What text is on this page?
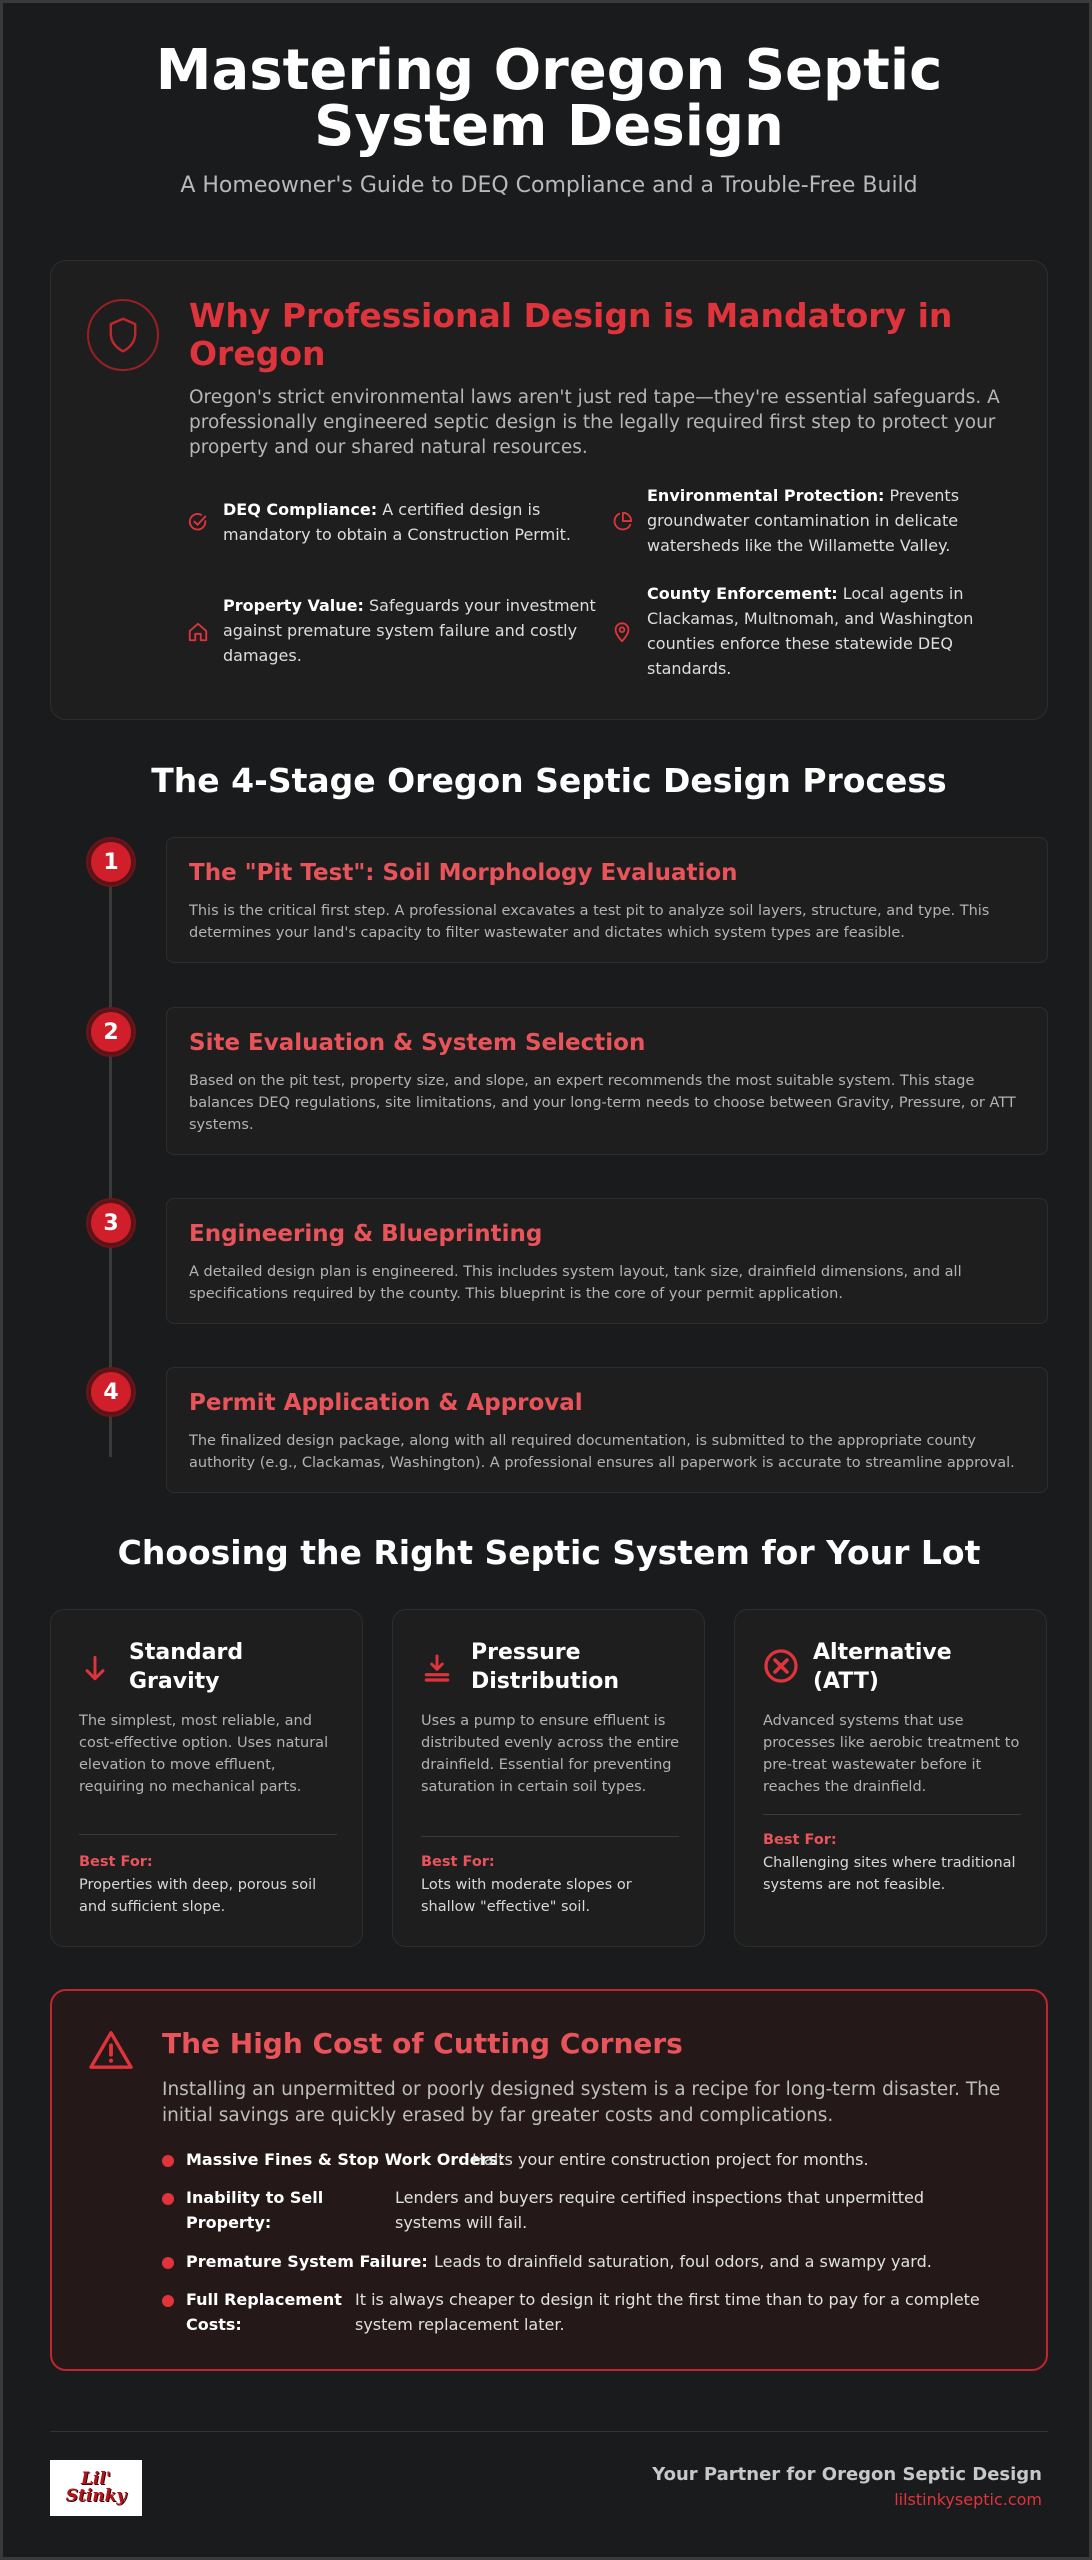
Mastering Oregon Septic System Design

A Homeowner's Guide to DEQ Compliance and a Trouble-Free Build

Why Professional Design is Mandatory in Oregon

Oregon's strict environmental laws aren't just red tape—they're essential safeguards. A professionally engineered septic design is the legally required first step to protect your property and our shared natural resources.

DEQ Compliance: A certified design is mandatory to obtain a Construction Permit.
Environmental Protection: Prevents groundwater contamination in delicate watersheds like the Willamette Valley.
Property Value: Safeguards your investment against premature system failure and costly damages.
County Enforcement: Local agents in Clackamas, Multnomah, and Washington counties enforce these statewide DEQ standards.
The 4-Stage Oregon Septic Design Process
1	The "Pit Test": Soil Morphology Evaluation

This is the critical first step. A professional excavates a test pit to analyze soil layers, structure, and type. This determines your land's capacity to filter wastewater and dictates which system types are feasible.

2	Site Evaluation & System Selection

Based on the pit test, property size, and slope, an expert recommends the most suitable system. This stage balances DEQ regulations, site limitations, and your long-term needs to choose between Gravity, Pressure, or ATT systems.

3	Engineering & Blueprinting

A detailed design plan is engineered. This includes system layout, tank size, drainfield dimensions, and all specifications required by the county. This blueprint is the core of your permit application.

4	Permit Application & Approval

The finalized design package, along with all required documentation, is submitted to the appropriate county authority (e.g., Clackamas, Washington). A professional ensures all paperwork is accurate to streamline approval.

Choosing the Right Septic System for Your Lot
Standard Gravity

The simplest, most reliable, and cost-effective option. Uses natural elevation to move effluent, requiring no mechanical parts.

Best For:

Properties with deep, porous soil and sufficient slope.

Pressure Distribution

Uses a pump to ensure effluent is distributed evenly across the entire drainfield. Essential for preventing saturation in certain soil types.

Best For:

Lots with moderate slopes or shallow "effective" soil.

Alternative (ATT)

Advanced systems that use processes like aerobic treatment to pre-treat wastewater before it reaches the drainfield.

Best For:

Challenging sites where traditional systems are not feasible.

The High Cost of Cutting Corners

Installing an unpermitted or poorly designed system is a recipe for long-term disaster. The initial savings are quickly erased by far greater costs and complications.

Massive Fines & Stop Work Orders:
Halts your entire construction project for months.
Inability to Sell Property:
Lenders and buyers require certified inspections that unpermitted systems will fail.
Premature System Failure: Leads to drainfield saturation, foul odors, and a swampy yard.
Full Replacement Costs:
It is always cheaper to design it right the first time than to pay for a complete system replacement later.
Lil'
Stinky
Your Partner for Oregon Septic Design
lilstinkyseptic.com
